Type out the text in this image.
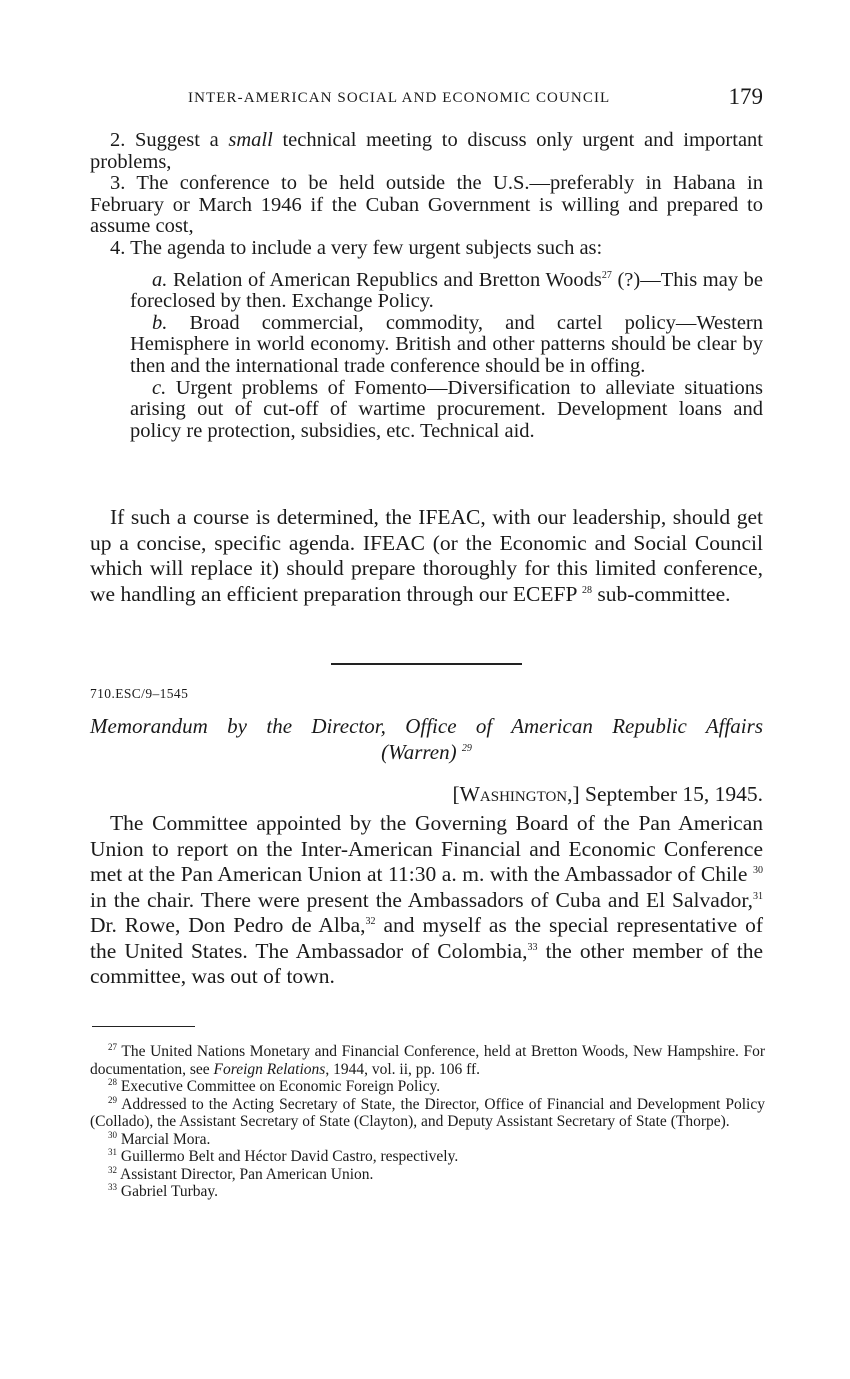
INTER-AMERICAN SOCIAL AND ECONOMIC COUNCIL	179

2. Suggest a small technical meeting to discuss only urgent and important problems,

3. The conference to be held outside the U.S.—preferably in Habana in February or March 1946 if the Cuban Government is willing and prepared to assume cost,

4. The agenda to include a very few urgent subjects such as:

a. Relation of American Republics and Bretton Woods$^{27}$ (?)—This may be foreclosed by then. Exchange Policy.

b. Broad commercial, commodity, and cartel policy—Western Hemisphere in world economy. British and other patterns should be clear by then and the international trade conference should be in offing.

c. Urgent problems of Fomento—Diversification to alleviate situations arising out of cut-off of wartime procurement. Development loans and policy re protection, subsidies, etc. Technical aid.

If such a course is determined, the IFEAC, with our leadership, should get up a concise, specific agenda. IFEAC (or the Economic and Social Council which will replace it) should prepare thoroughly for this limited conference, we handling an efficient preparation through our ECEFP $^{28}$ sub-committee.

710.ESC/9–1545
Memorandum by the Director, Office of American Republic Affairs
(Warren) $^{29}$
[Washington,] September 15, 1945.

The Committee appointed by the Governing Board of the Pan American Union to report on the Inter-American Financial and Economic Conference met at the Pan American Union at 11:30 a. m. with the Ambassador of Chile $^{30}$ in the chair. There were present the Ambassadors of Cuba and El Salvador,$^{31}$ Dr. Rowe, Don Pedro de Alba,$^{32}$ and myself as the special representative of the United States. The Ambassador of Colombia,$^{33}$ the other member of the committee, was out of town.

$^{27}$ The United Nations Monetary and Financial Conference, held at Bretton Woods, New Hampshire. For documentation, see Foreign Relations, 1944, vol. ii, pp. 106 ff.

$^{28}$ Executive Committee on Economic Foreign Policy.

$^{29}$ Addressed to the Acting Secretary of State, the Director, Office of Financial and Development Policy (Collado), the Assistant Secretary of State (Clayton), and Deputy Assistant Secretary of State (Thorpe).

$^{30}$ Marcial Mora.

$^{31}$ Guillermo Belt and Héctor David Castro, respectively.

$^{32}$ Assistant Director, Pan American Union.

$^{33}$ Gabriel Turbay.
